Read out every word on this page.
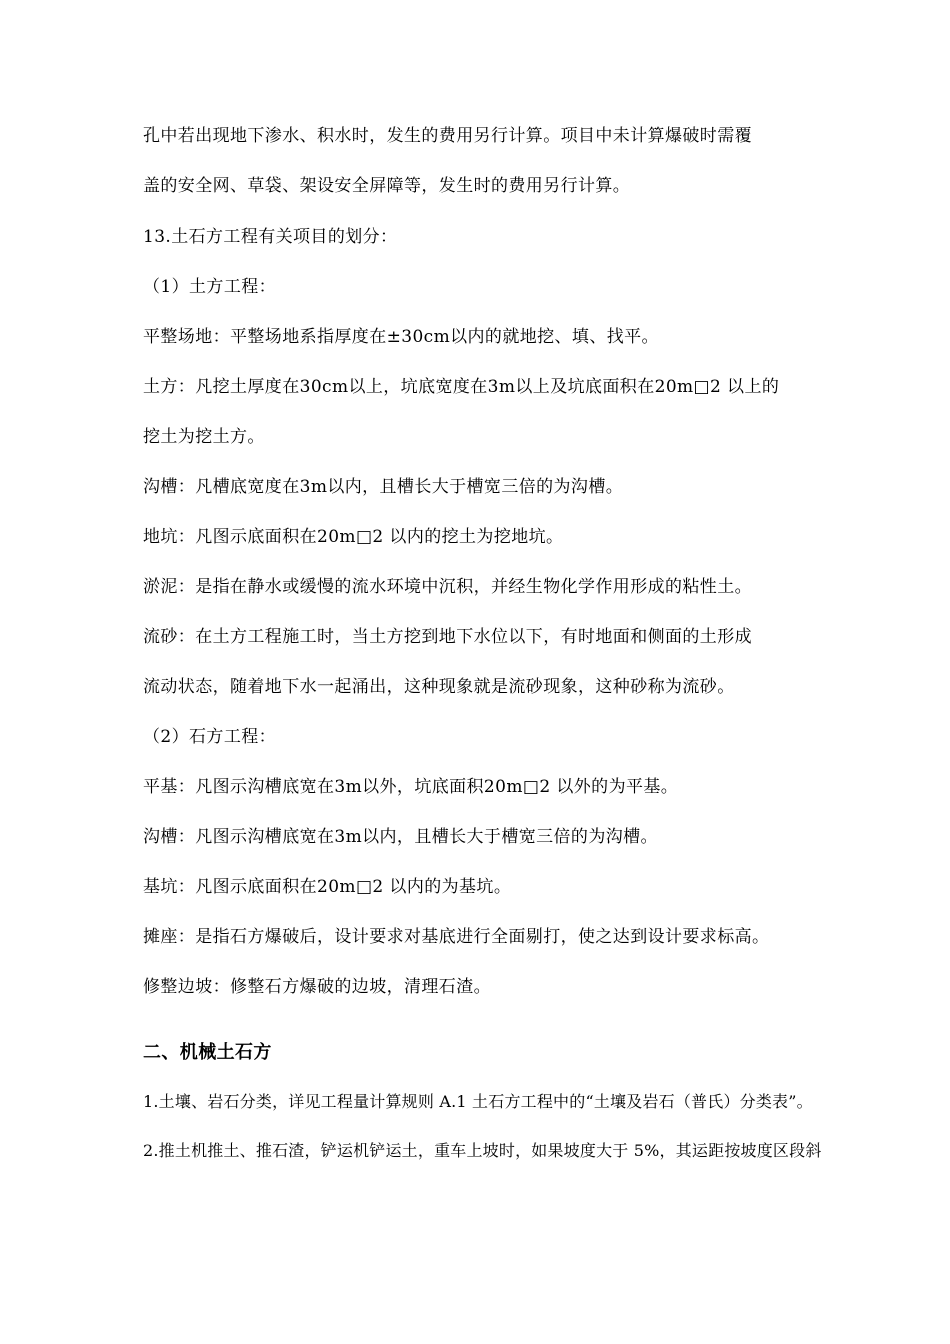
孔中若出现地下渗水、积水时，发生的费用另行计算。项目中未计算爆破时需覆
盖的安全网、草袋、架设安全屏障等，发生时的费用另行计算。
13.土石方工程有关项目的划分：
（1）土方工程：
平整场地：平整场地系指厚度在±30cm以内的就地挖、填、找平。
土方：凡挖土厚度在30cm以上，坑底宽度在3m以上及坑底面积在20m□2 以上的
挖土为挖土方。
沟槽：凡槽底宽度在3m以内，且槽长大于槽宽三倍的为沟槽。
地坑：凡图示底面积在20m□2 以内的挖土为挖地坑。
淤泥：是指在静水或缓慢的流水环境中沉积，并经生物化学作用形成的粘性土。
流砂：在土方工程施工时，当土方挖到地下水位以下，有时地面和侧面的土形成
流动状态，随着地下水一起涌出，这种现象就是流砂现象，这种砂称为流砂。
（2）石方工程：
平基：凡图示沟槽底宽在3m以外，坑底面积20m□2 以外的为平基。
沟槽：凡图示沟槽底宽在3m以内，且槽长大于槽宽三倍的为沟槽。
基坑：凡图示底面积在20m□2 以内的为基坑。
摊座：是指石方爆破后，设计要求对基底进行全面剔打，使之达到设计要求标高。
修整边坡：修整石方爆破的边坡，清理石渣。
二、机械土石方
1.土壤、岩石分类，详见工程量计算规则 A.1 土石方工程中的“土壤及岩石（普氏）分类表”。
2.推土机推土、推石渣，铲运机铲运土，重车上坡时，如果坡度大于 5%，其运距按坡度区段斜
